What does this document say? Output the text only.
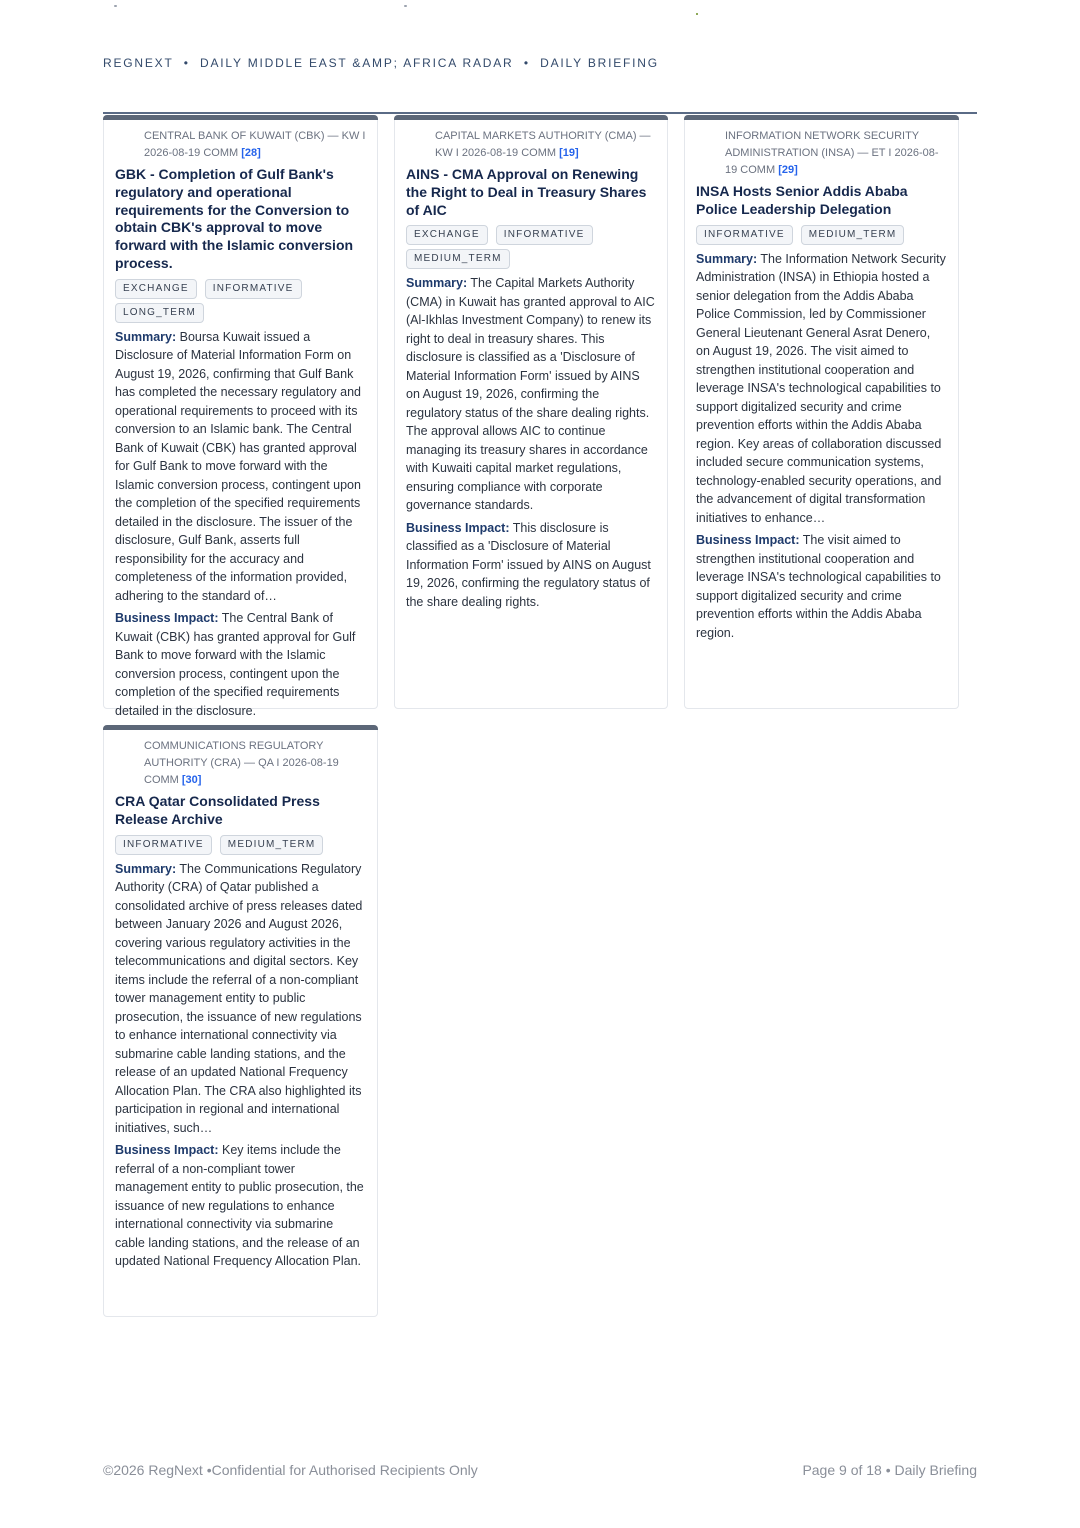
REGNEXT • DAILY MIDDLE EAST &AMP; AFRICA RADAR • DAILY BRIEFING
CENTRAL BANK OF KUWAIT (CBK) — KW I 2026-08-19 COMM [28]
GBK - Completion of Gulf Bank's regulatory and operational requirements for the Conversion to obtain CBK's approval to move forward with the Islamic conversion process.
EXCHANGE	INFORMATIVE
LONG_TERM

Summary: Boursa Kuwait issued a Disclosure of Material Information Form on August 19, 2026, confirming that Gulf Bank has completed the necessary regulatory and operational requirements to proceed with its conversion to an Islamic bank. The Central Bank of Kuwait (CBK) has granted approval for Gulf Bank to move forward with the Islamic conversion process, contingent upon the completion of the specified requirements detailed in the disclosure. The issuer of the disclosure, Gulf Bank, asserts full responsibility for the accuracy and completeness of the information provided, adhering to the standard of…

Business Impact: The Central Bank of Kuwait (CBK) has granted approval for Gulf Bank to move forward with the Islamic conversion process, contingent upon the completion of the specified requirements detailed in the disclosure.

CAPITAL MARKETS AUTHORITY (CMA) — KW I 2026-08-19 COMM [19]
AINS - CMA Approval on Renewing the Right to Deal in Treasury Shares of AIC
EXCHANGE	INFORMATIVE
MEDIUM_TERM

Summary: The Capital Markets Authority (CMA) in Kuwait has granted approval to AIC (Al-Ikhlas Investment Company) to renew its right to deal in treasury shares. This disclosure is classified as a 'Disclosure of Material Information Form' issued by AINS on August 19, 2026, confirming the regulatory status of the share dealing rights. The approval allows AIC to continue managing its treasury shares in accordance with Kuwaiti capital market regulations, ensuring compliance with corporate governance standards.

Business Impact: This disclosure is classified as a 'Disclosure of Material Information Form' issued by AINS on August 19, 2026, confirming the regulatory status of the share dealing rights.

INFORMATION NETWORK SECURITY ADMINISTRATION (INSA) — ET I 2026-08-19 COMM [29]
INSA Hosts Senior Addis Ababa Police Leadership Delegation
INFORMATIVE	MEDIUM_TERM

Summary: The Information Network Security Administration (INSA) in Ethiopia hosted a senior delegation from the Addis Ababa Police Commission, led by Commissioner General Lieutenant General Asrat Denero, on August 19, 2026. The visit aimed to strengthen institutional cooperation and leverage INSA's technological capabilities to support digitalized security and crime prevention efforts within the Addis Ababa region. Key areas of collaboration discussed included secure communication systems, technology-enabled security operations, and the advancement of digital transformation initiatives to enhance…

Business Impact: The visit aimed to strengthen institutional cooperation and leverage INSA's technological capabilities to support digitalized security and crime prevention efforts within the Addis Ababa region.

COMMUNICATIONS REGULATORY AUTHORITY (CRA) — QA I 2026-08-19 COMM [30]
CRA Qatar Consolidated Press Release Archive
INFORMATIVE	MEDIUM_TERM

Summary: The Communications Regulatory Authority (CRA) of Qatar published a consolidated archive of press releases dated between January 2026 and August 2026, covering various regulatory activities in the telecommunications and digital sectors. Key items include the referral of a non-compliant tower management entity to public prosecution, the issuance of new regulations to enhance international connectivity via submarine cable landing stations, and the release of an updated National Frequency Allocation Plan. The CRA also highlighted its participation in regional and international initiatives, such…

Business Impact: Key items include the referral of a non-compliant tower management entity to public prosecution, the issuance of new regulations to enhance international connectivity via submarine cable landing stations, and the release of an updated National Frequency Allocation Plan.

©2026 RegNext •Confidential for Authorised Recipients Only	Page 9 of 18 • Daily Briefing
